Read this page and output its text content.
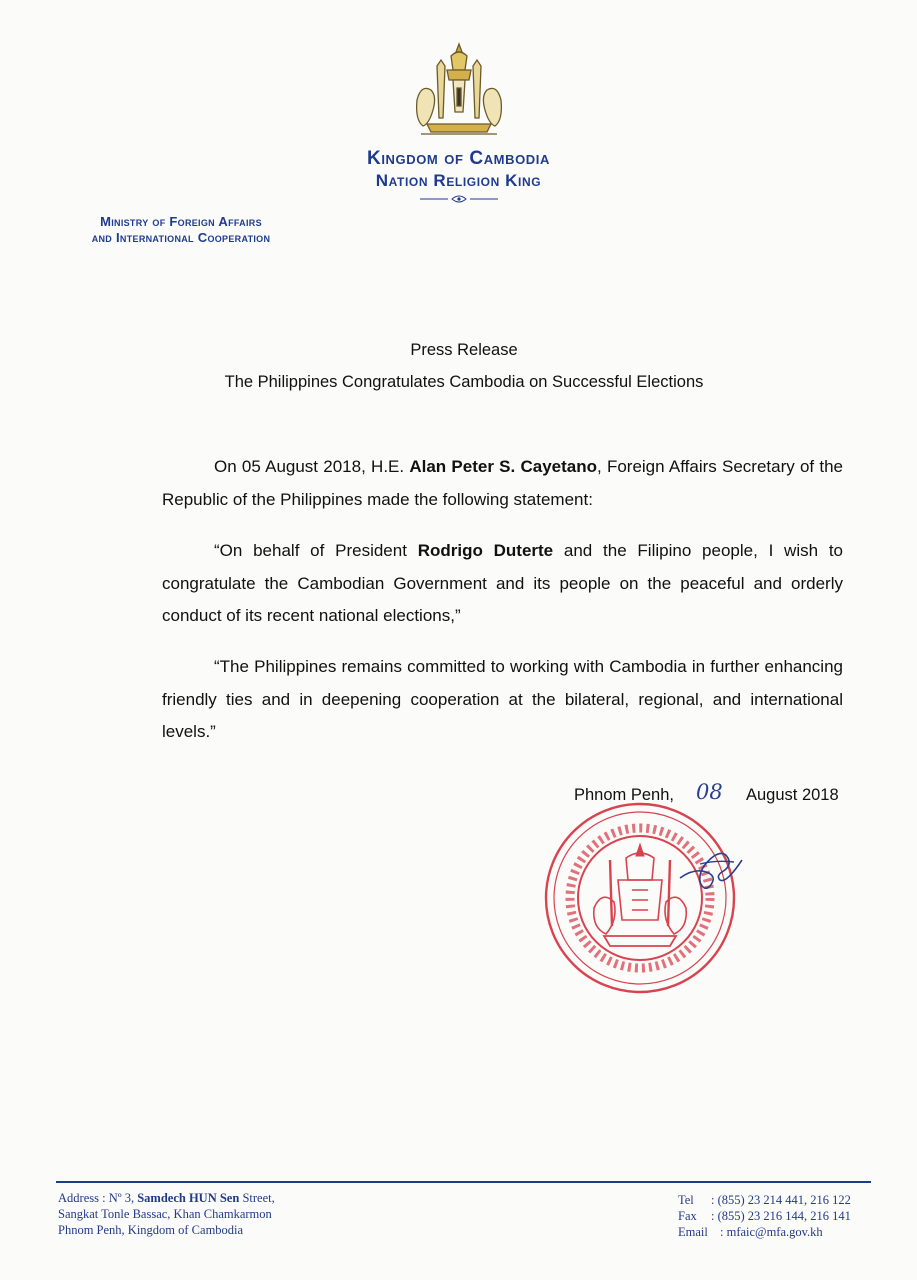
Kingdom of Cambodia
Nation Religion King
Ministry of Foreign Affairs
and International Cooperation
Press Release
The Philippines Congratulates Cambodia on Successful Elections
On 05 August 2018, H.E. Alan Peter S. Cayetano, Foreign Affairs Secretary of the Republic of the Philippines made the following statement:
“On behalf of President Rodrigo Duterte and the Filipino people, I wish to congratulate the Cambodian Government and its people on the peaceful and orderly conduct of its recent national elections,”
“The Philippines remains committed to working with Cambodia in further enhancing friendly ties and in deepening cooperation at the bilateral, regional, and international levels.”
Phnom Penh, 08 August 2018
Address : Nº 3, Samdech HUN Sen Street,
Sangkat Tonle Bassac, Khan Chamkarmon
Phnom Penh, Kingdom of Cambodia
Tel : (855) 23 214 441, 216 122
Fax : (855) 23 216 144, 216 141
Email : mfaic@mfa.gov.kh
